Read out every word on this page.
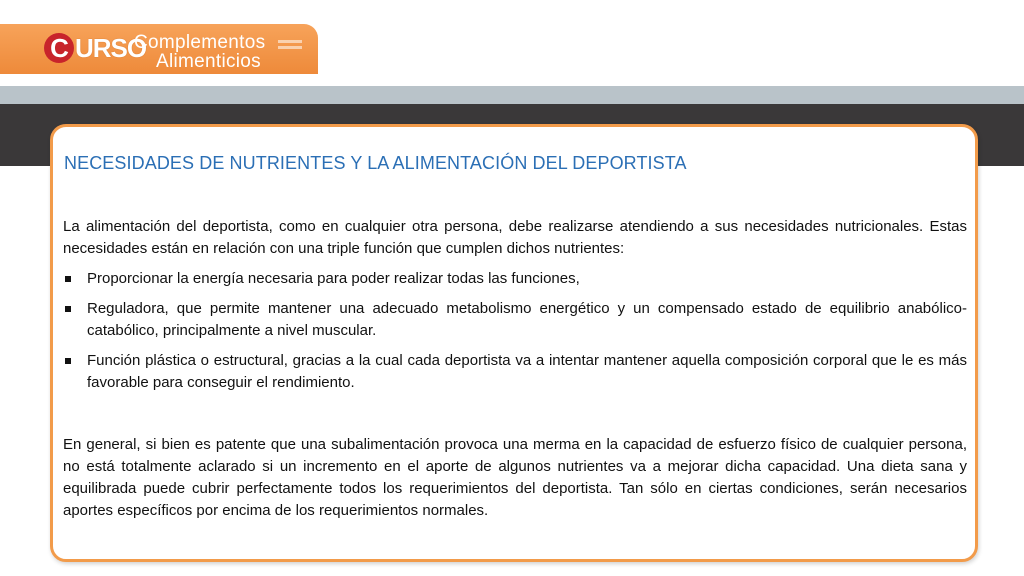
C URSO
Complementos
Alimenticios
NECESIDADES DE NUTRIENTES Y LA ALIMENTACIÓN DEL DEPORTISTA

La alimentación del deportista, como en cualquier otra persona, debe realizarse atendiendo a sus necesidades nutricionales. Estas necesidades están en relación con una triple función que cumplen dichos nutrientes:

Proporcionar la energía necesaria para poder realizar todas las funciones,
Reguladora, que permite mantener una adecuado metabolismo energético y un compensado estado de equilibrio anabólico-catabólico, principalmente a nivel muscular.
Función plástica o estructural, gracias a la cual cada deportista va a intentar mantener aquella composición corporal que le es más favorable para conseguir el rendimiento.

En general, si bien es patente que una subalimentación provoca una merma en la capacidad de esfuerzo físico de cualquier persona, no está totalmente aclarado si un incremento en el aporte de algunos nutrientes va a mejorar dicha capacidad. Una dieta sana y equilibrada puede cubrir perfectamente todos los requerimientos del deportista. Tan sólo en ciertas condiciones, serán necesarios aportes específicos por encima de los requerimientos normales.
